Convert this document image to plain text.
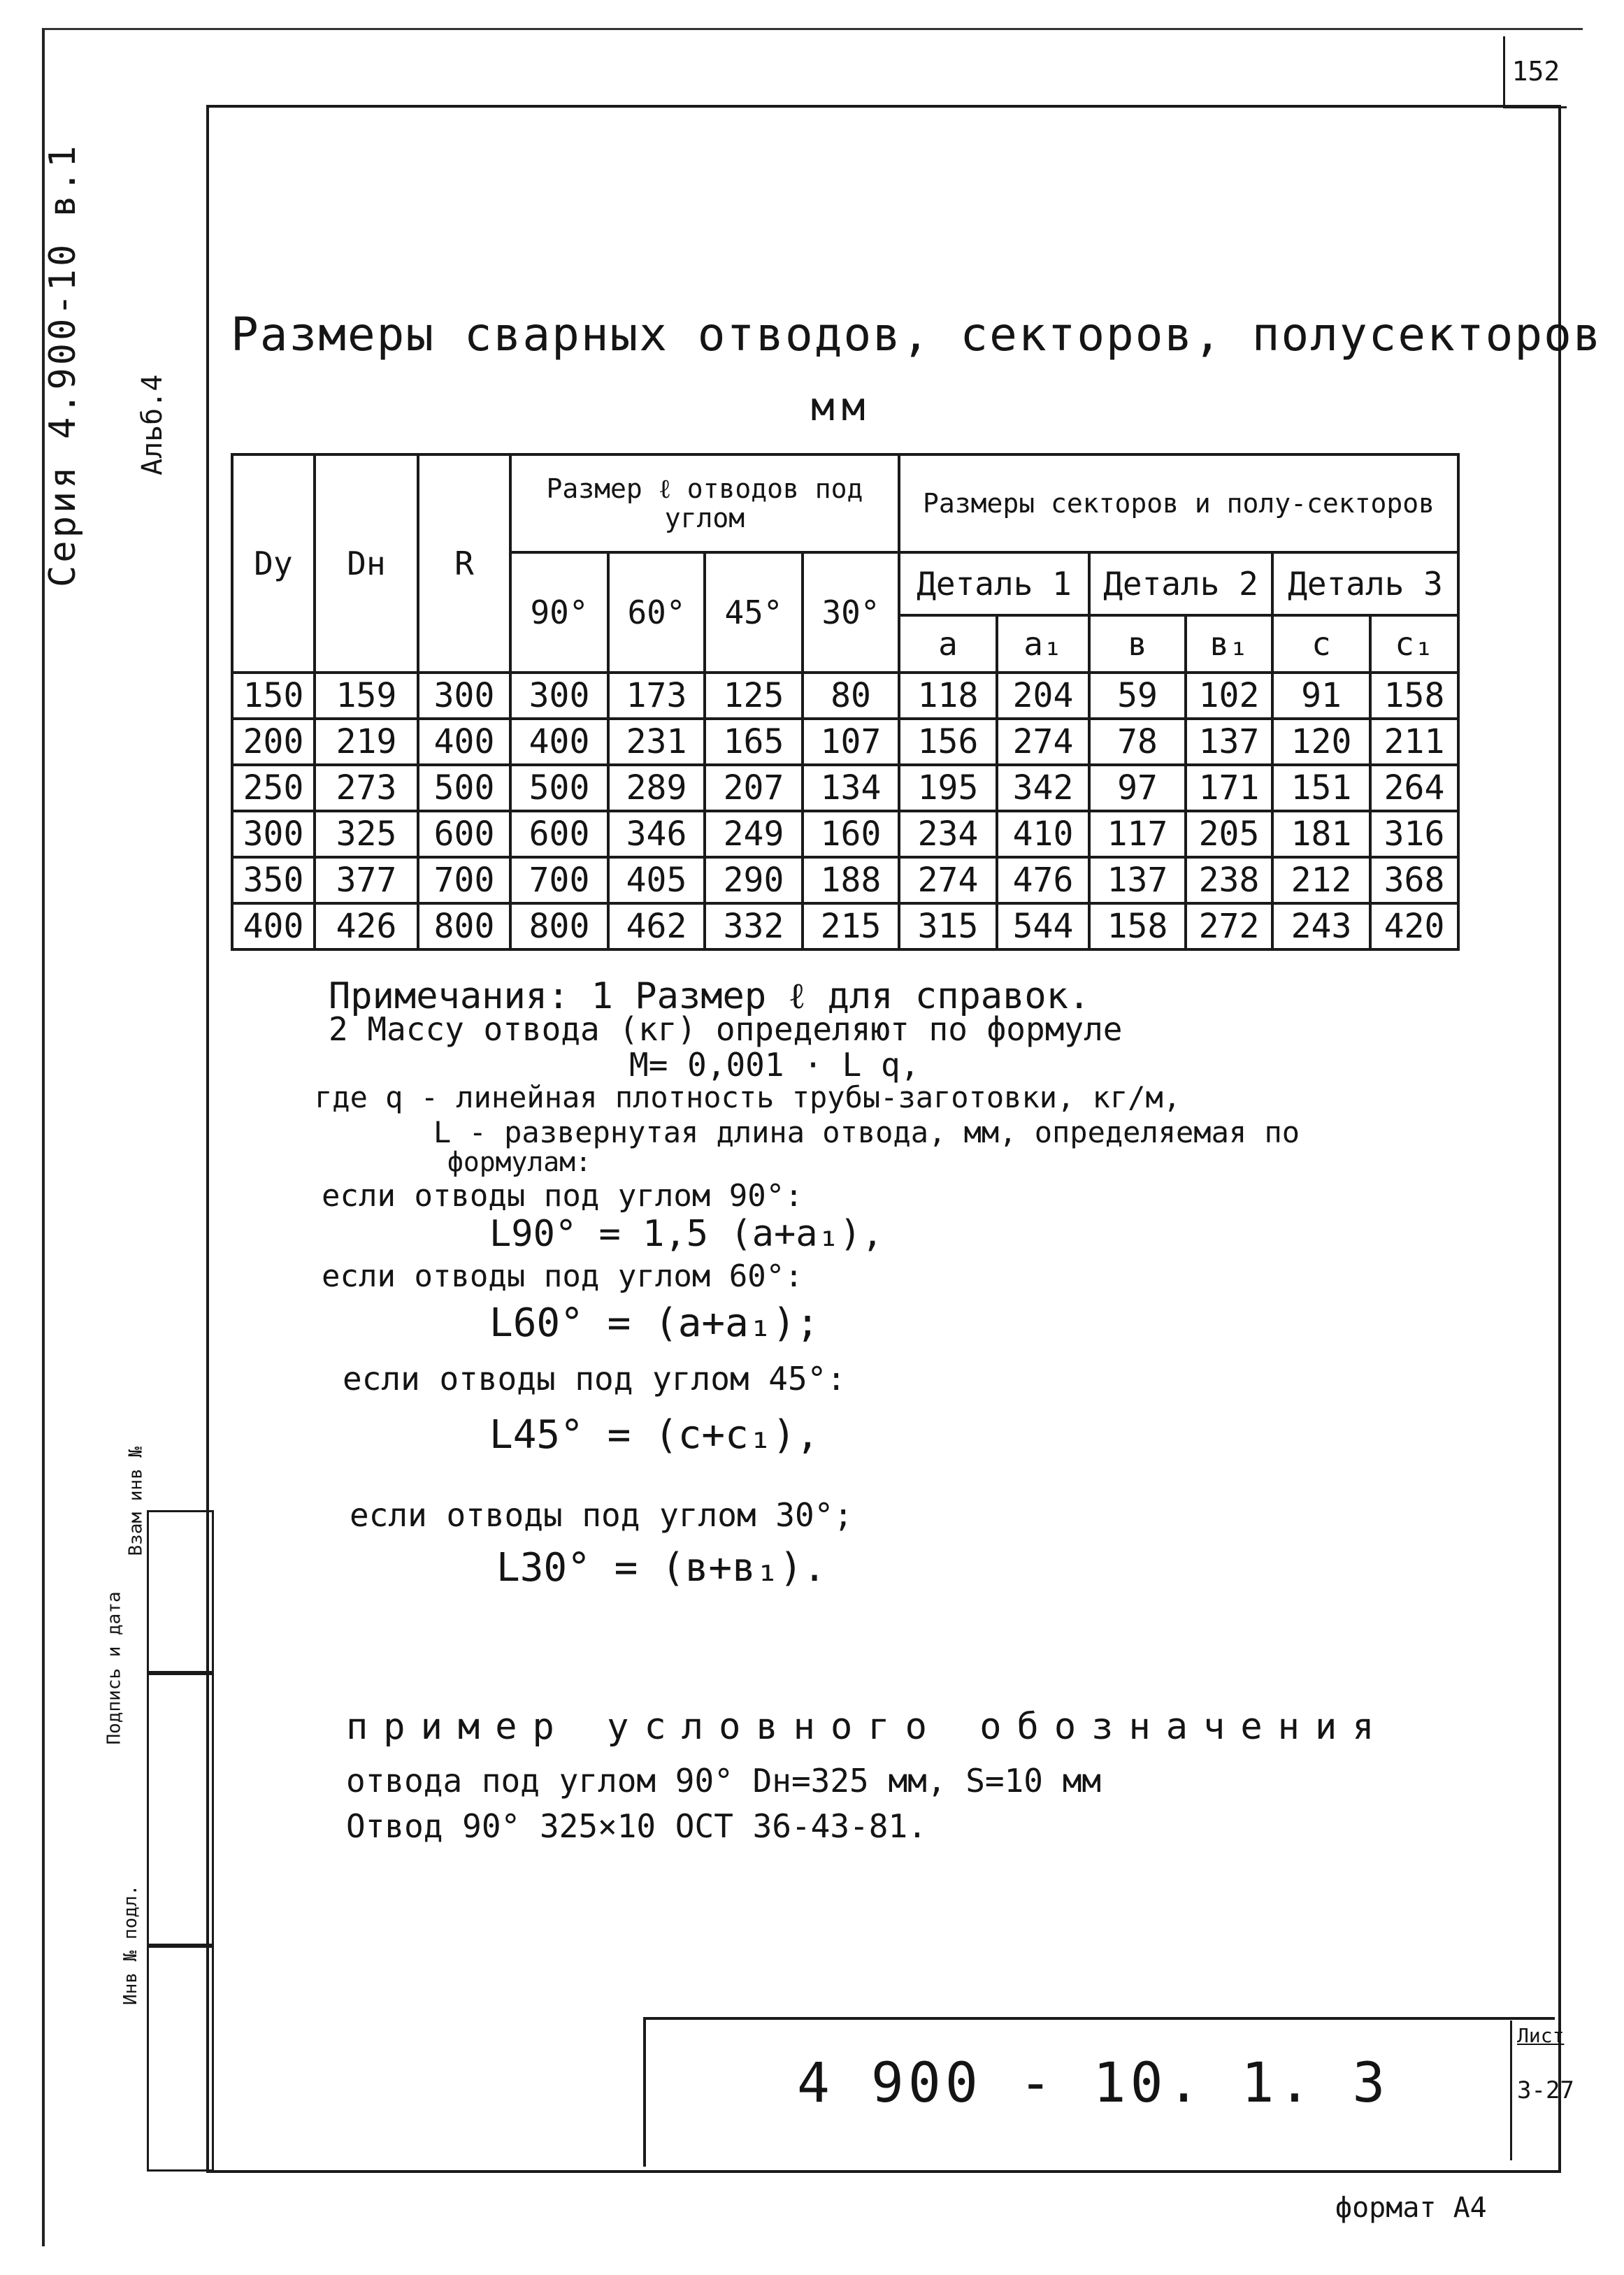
152
Серия 4.900-10 в.1 Альб.4
Взам инв №
Подпись и дата
Инв № подл.
Размеры сварных отводов, секторов, полусекторов
мм
Dу	Dн	R	Размер ℓ отводов под углом				Размеры секторов и полу-секторов					
			90°	60°	45°	30°	Деталь 1		Деталь 2		Деталь 3	
							а	а₁	в	в₁	с	с₁
150	159	300	300	173	125	80	118	204	59	102	91	158
200	219	400	400	231	165	107	156	274	78	137	120	211
250	273	500	500	289	207	134	195	342	97	171	151	264
300	325	600	600	346	249	160	234	410	117	205	181	316
350	377	700	700	405	290	188	274	476	137	238	212	368
400	426	800	800	462	332	215	315	544	158	272	243	420
Примечания: 1 Размер ℓ для справок.
2 Массу отвода (кг) определяют по формуле
M= 0,001 · L q,
где q - линейная плотность трубы-заготовки, кг/м,
L - развернутая длина отвода, мм, определяемая по
формулам:
если отводы под углом 90°:
L90° = 1,5 (а+а₁),
если отводы под углом 60°:
L60° = (а+а₁);
если отводы под углом 45°:
L45° = (с+с₁),
если отводы под углом 30°;
L30° = (в+в₁).
пример условного обозначения
отвода под углом 90° Dн=325 мм, S=10 мм
Отвод 90° 325×10 ОСТ 36-43-81.
4 900 - 10. 1. 3
Лист
3-27
формат А4
